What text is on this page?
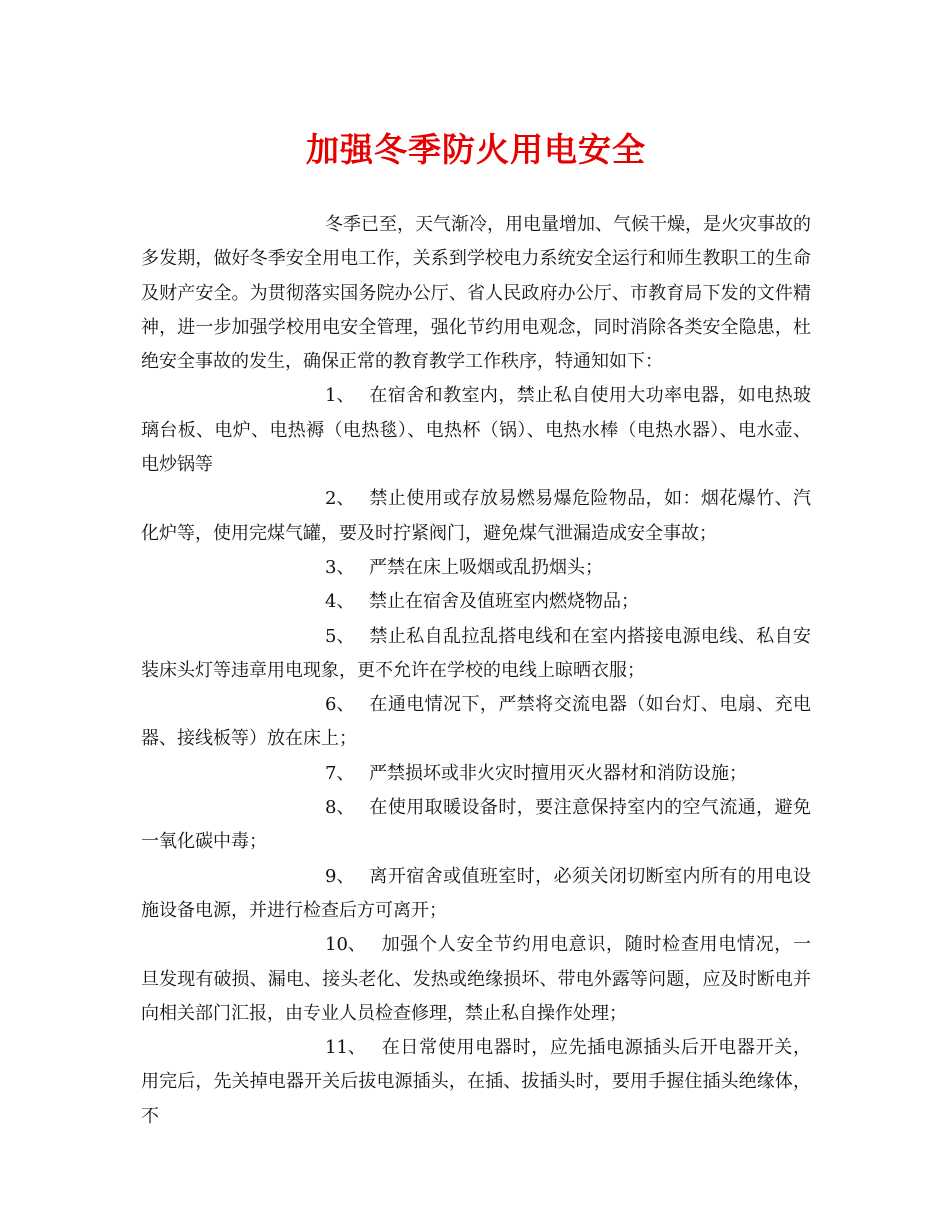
加强冬季防火用电安全

冬季已至，天气渐冷，用电量增加、气候干燥，是火灾事故的多发期，做好冬季安全用电工作，关系到学校电力系统安全运行和师生教职工的生命及财产安全。为贯彻落实国务院办公厅、省人民政府办公厅、市教育局下发的文件精神，进一步加强学校用电安全管理，强化节约用电观念，同时消除各类安全隐患，杜绝安全事故的发生，确保正常的教育教学工作秩序，特通知如下：

1、 在宿舍和教室内，禁止私自使用大功率电器，如电热玻璃台板、电炉、电热褥（电热毯）、电热杯（锅）、电热水棒（电热水器）、电水壶、电炒锅等

2、 禁止使用或存放易燃易爆危险物品，如：烟花爆竹、汽化炉等，使用完煤气罐，要及时拧紧阀门，避免煤气泄漏造成安全事故；

3、 严禁在床上吸烟或乱扔烟头；

4、 禁止在宿舍及值班室内燃烧物品；

5、 禁止私自乱拉乱搭电线和在室内搭接电源电线、私自安装床头灯等违章用电现象，更不允许在学校的电线上晾晒衣服；

6、 在通电情况下，严禁将交流电器（如台灯、电扇、充电器、接线板等）放在床上；

7、 严禁损坏或非火灾时擅用灭火器材和消防设施；

8、 在使用取暖设备时，要注意保持室内的空气流通，避免一氧化碳中毒；

9、 离开宿舍或值班室时，必须关闭切断室内所有的用电设施设备电源，并进行检查后方可离开；

10、 加强个人安全节约用电意识，随时检查用电情况，一旦发现有破损、漏电、接头老化、发热或绝缘损坏、带电外露等问题，应及时断电并向相关部门汇报，由专业人员检查修理，禁止私自操作处理；

11、 在日常使用电器时，应先插电源插头后开电器开关，用完后，先关掉电器开关后拔电源插头，在插、拔插头时，要用手握住插头绝缘体，不
